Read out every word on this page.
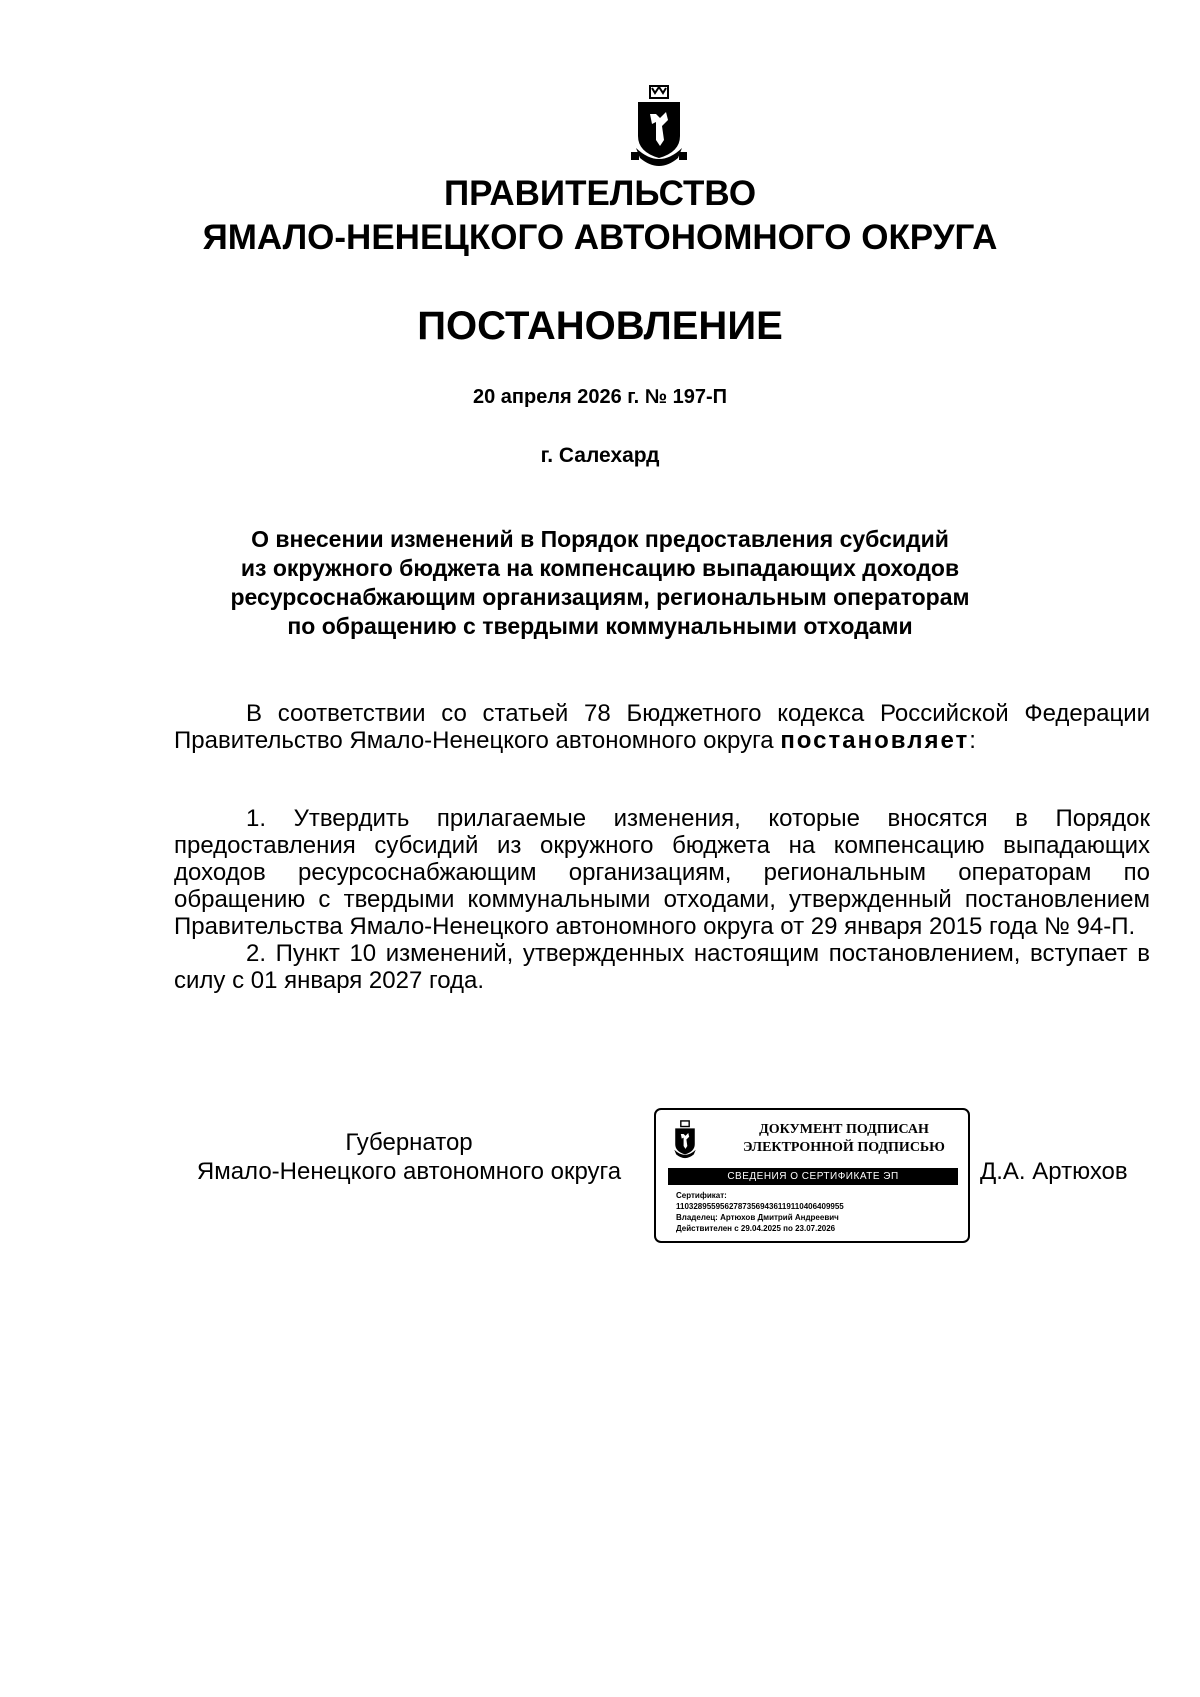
ПРАВИТЕЛЬСТВО
ЯМАЛО-НЕНЕЦКОГО АВТОНОМНОГО ОКРУГА
ПОСТАНОВЛЕНИЕ
20 апреля 2026 г. № 197-П
г. Салехард
О внесении изменений в Порядок предоставления субсидий
из окружного бюджета на компенсацию выпадающих доходов
ресурсоснабжающим организациям, региональным операторам
по обращению с твердыми коммунальными отходами

В соответствии со статьей 78 Бюджетного кодекса Российской Федерации Правительство Ямало-Ненецкого автономного округа постановляет:

1. Утвердить прилагаемые изменения, которые вносятся в Порядок предоставления субсидий из окружного бюджета на компенсацию выпадающих доходов ресурсоснабжающим организациям, региональным операторам по обращению с твердыми коммунальными отходами, утвержденный постановлением Правительства Ямало-Ненецкого автономного округа от 29 января 2015 года № 94-П.

2. Пункт 10 изменений, утвержденных настоящим постановлением, вступает в силу с 01 января 2027 года.

Губернатор
Ямало-Ненецкого автономного округа
ДОКУМЕНТ ПОДПИСАН
ЭЛЕКТРОННОЙ ПОДПИСЬЮ
СВЕДЕНИЯ О СЕРТИФИКАТЕ ЭП
Сертификат:
11032895595627873569436119110406409955
Владелец: Артюхов Дмитрий Андреевич
Действителен с 29.04.2025 по 23.07.2026
Д.А. Артюхов
